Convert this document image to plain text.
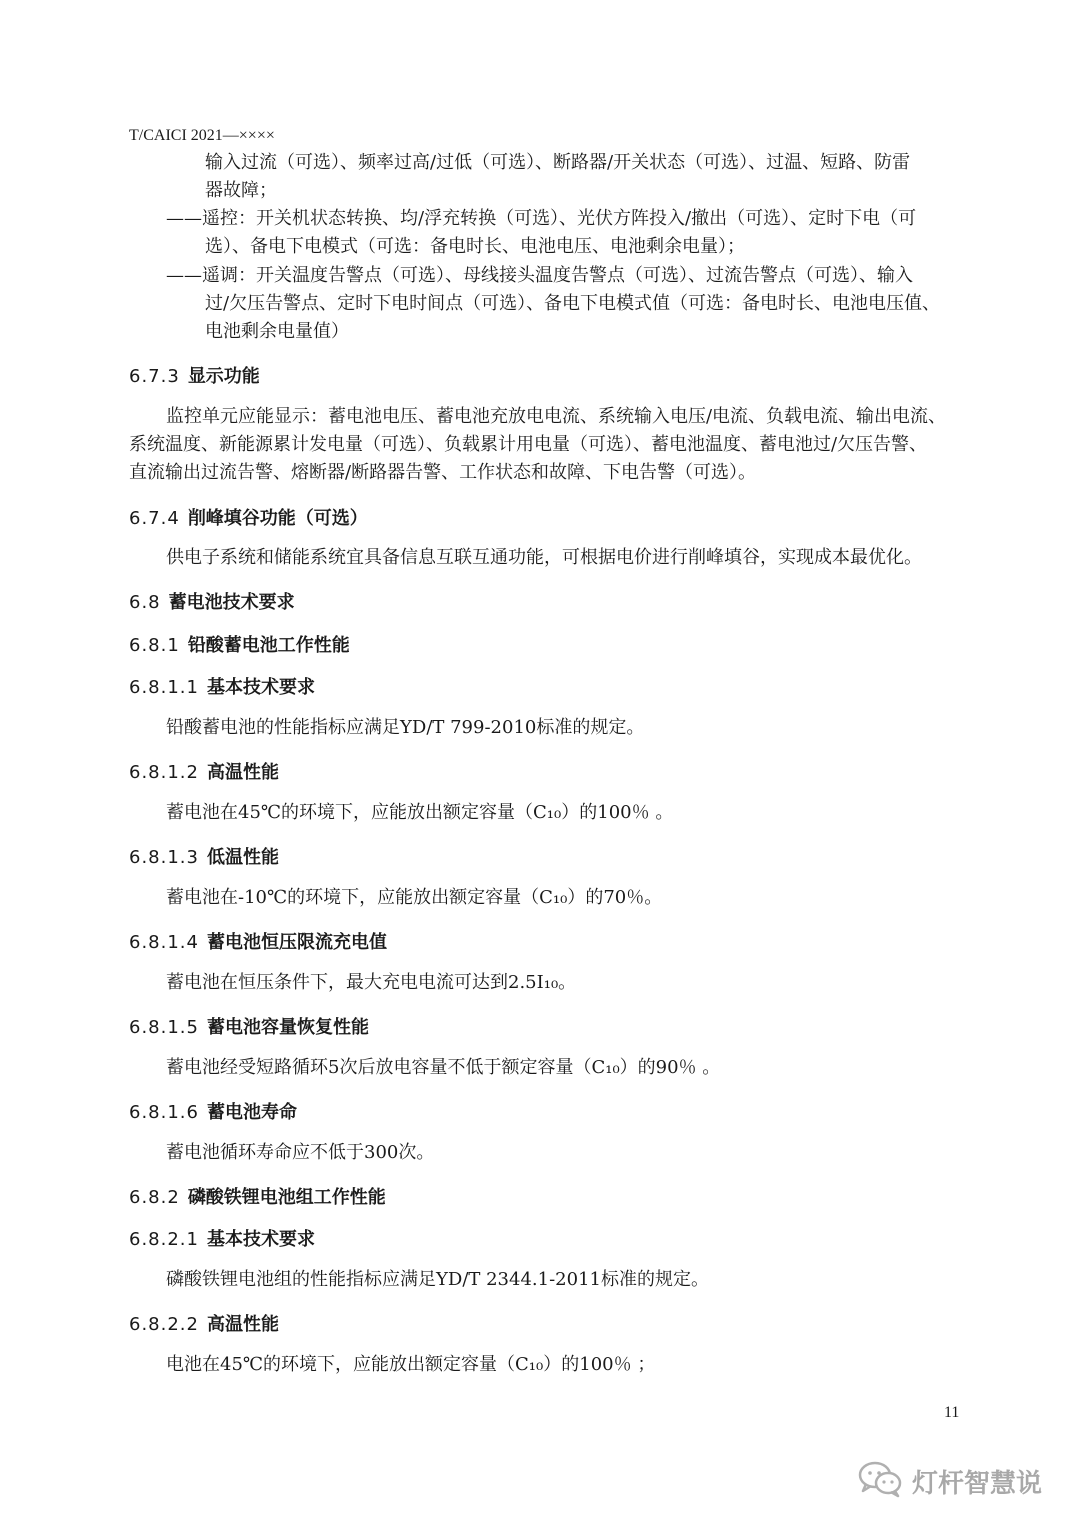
T/CAICI 2021—××××
输入过流（可选）、频率过高/过低（可选）、断路器/开关状态（可选）、过温、短路、防雷
器故障；
——遥控：开关机状态转换、均/浮充转换（可选）、光伏方阵投入/撤出（可选）、定时下电（可
选）、备电下电模式（可选：备电时长、电池电压、电池剩余电量）；
——遥调：开关温度告警点（可选）、母线接头温度告警点（可选）、过流告警点（可选）、输入
过/欠压告警点、定时下电时间点（可选）、备电下电模式值（可选：备电时长、电池电压值、
电池剩余电量值）
6.7.3 显示功能
监控单元应能显示：蓄电池电压、蓄电池充放电电流、系统输入电压/电流、负载电流、输出电流、
系统温度、新能源累计发电量（可选）、负载累计用电量（可选）、蓄电池温度、蓄电池过/欠压告警、
直流输出过流告警、熔断器/断路器告警、工作状态和故障、下电告警（可选）。
6.7.4 削峰填谷功能（可选）
供电子系统和储能系统宜具备信息互联互通功能，可根据电价进行削峰填谷，实现成本最优化。
6.8 蓄电池技术要求
6.8.1 铅酸蓄电池工作性能
6.8.1.1 基本技术要求
铅酸蓄电池的性能指标应满足YD/T 799-2010标准的规定。
6.8.1.2 高温性能
蓄电池在45℃的环境下，应能放出额定容量（C₁₀）的100％ 。
6.8.1.3 低温性能
蓄电池在-10℃的环境下，应能放出额定容量（C₁₀）的70％。
6.8.1.4 蓄电池恒压限流充电值
蓄电池在恒压条件下，最大充电电流可达到2.5I₁₀。
6.8.1.5 蓄电池容量恢复性能
蓄电池经受短路循环5次后放电容量不低于额定容量（C₁₀）的90％ 。
6.8.1.6 蓄电池寿命
蓄电池循环寿命应不低于300次。
6.8.2 磷酸铁锂电池组工作性能
6.8.2.1 基本技术要求
磷酸铁锂电池组的性能指标应满足YD/T 2344.1-2011标准的规定。
6.8.2.2 高温性能
电池在45℃的环境下，应能放出额定容量（C₁₀）的100％ ；
11
灯杆智慧说
